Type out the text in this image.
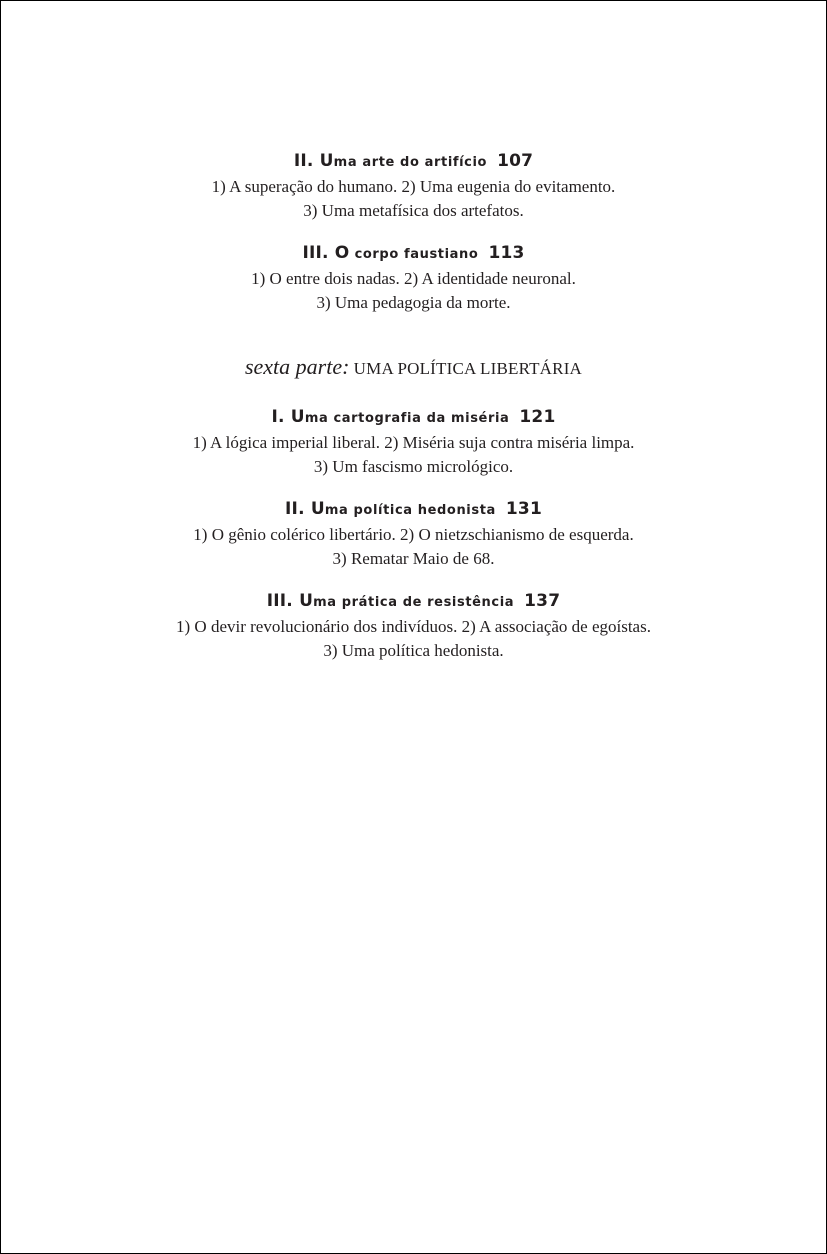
II. Uma arte do artifício 107

1) A superação do humano. 2) Uma eugenia do evitamento.

3) Uma metafísica dos artefatos.

III. O corpo faustiano 113

1) O entre dois nadas. 2) A identidade neuronal.

3) Uma pedagogia da morte.

sexta parte: UMA POLÍTICA LIBERTÁRIA

I. Uma cartografia da miséria 121

1) A lógica imperial liberal. 2) Miséria suja contra miséria limpa.

3) Um fascismo micrológico.

II. Uma política hedonista 131

1) O gênio colérico libertário. 2) O nietzschianismo de esquerda.

3) Rematar Maio de 68.

III. Uma prática de resistência 137

1) O devir revolucionário dos indivíduos. 2) A associação de egoístas.

3) Uma política hedonista.
